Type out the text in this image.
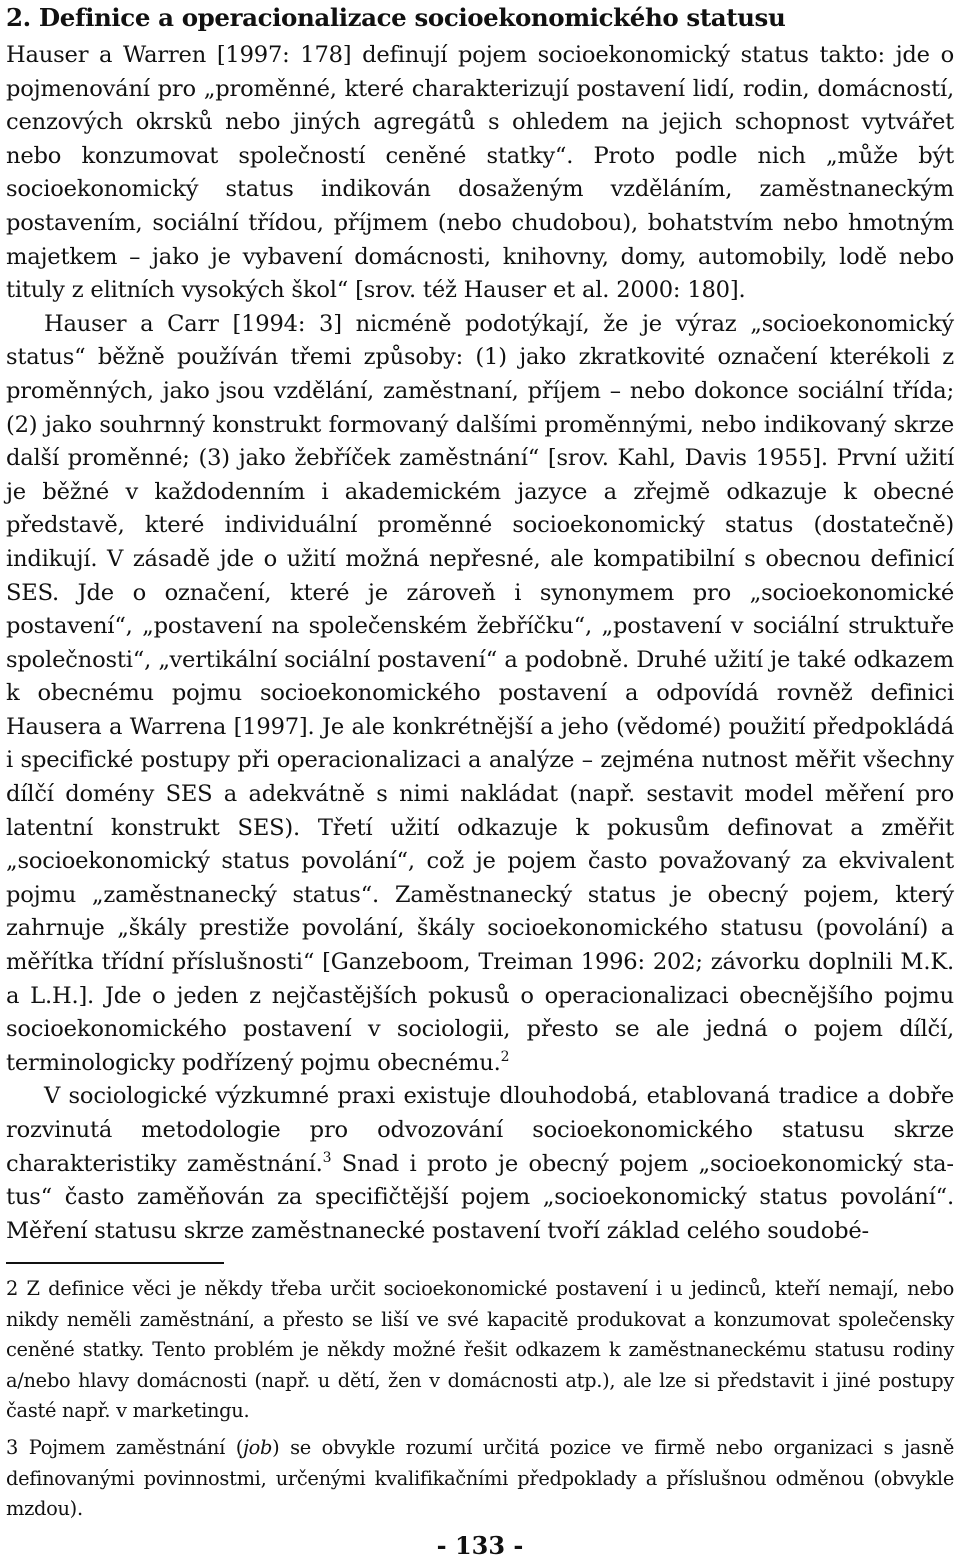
2. Definice a operacionalizace socioekonomického statusu

Hauser a Warren [1997: 178] definují pojem socioekonomický status takto: jde o pojmenování pro „proměnné, které charakterizují postavení lidí, rodin, domácností, cenzových okrsků nebo jiných agregátů s ohledem na jejich schopnost vytvářet nebo konzumovat společností ceněné statky“. Proto podle nich „může být socioekonomický status indikován dosaženým vzděláním, zaměstnaneckým postavením, sociální třídou, příjmem (nebo chudobou), bohatstvím nebo hmotným majetkem – jako je vybavení domácnosti, knihovny, domy, automobily, lodě nebo tituly z elitních vysokých škol“ [srov. též Hauser et al. 2000: 180].

Hauser a Carr [1994: 3] nicméně podotýkají, že je výraz „socioekonomický status“ běžně používán třemi způsoby: (1) jako zkratkovité označení kterékoli z proměnných, jako jsou vzdělání, zaměstnaní, příjem – nebo dokonce sociální třída; (2) jako souhrnný konstrukt formovaný dalšími proměnnými, nebo indikovaný skrze další proměnné; (3) jako žebříček zaměstnání“ [srov. Kahl, Davis 1955]. První užití je běžné v každodenním i akademickém jazyce a zřejmě odkazuje k obecné představě, které individuální proměnné socioekonomický status (dostatečně) indikují. V zásadě jde o užití možná nepřesné, ale kompatibilní s obecnou definicí SES. Jde o označení, které je zároveň i synonymem pro „socioekonomické postavení“, „postavení na společenském žebříčku“, „postavení v sociální struktuře společnosti“, „vertikální sociální postavení“ a podobně. Druhé užití je také odkazem k obecnému pojmu socioekonomického postavení a odpovídá rovněž definici Hausera a Warrena [1997]. Je ale konkrétnější a jeho (vědomé) použití předpokládá i specifické postupy při operacionalizaci a analýze – zejména nutnost měřit všechny dílčí domény SES a adekvátně s nimi nakládat (např. sestavit model měření pro latentní konstrukt SES). Třetí užití odkazuje k pokusům definovat a změřit „socioekonomický status povolání“, což je pojem často považovaný za ekvivalent pojmu „zaměstnanecký status“. Zaměstnanecký status je obecný pojem, který zahrnuje „škály prestiže povolání, škály socioekonomického statusu (povolání) a měřítka třídní příslušnosti“ [Ganzeboom, Treiman 1996: 202; závorku doplnili M.K. a L.H.]. Jde o jeden z nejčastějších pokusů o operacionalizaci obecnějšího pojmu socioekonomického postavení v sociologii, přesto se ale jedná o pojem dílčí, terminologicky podřízený pojmu obecnému.$^2$

V sociologické výzkumné praxi existuje dlouhodobá, etablovaná tradice a dobře rozvinutá metodologie pro odvozování socioekonomického statusu skrze charakteristiky zaměstnání.$^3$ Snad i proto je obecný pojem „socioekonomický status“ často zaměňován za specifičtější pojem „socioekonomický status povolání“. Měření statusu skrze zaměstnanecké postavení tvoří základ celého soudobé-

2 Z definice věci je někdy třeba určit socioekonomické postavení i u jedinců, kteří nemají, nebo nikdy neměli zaměstnání, a přesto se liší ve své kapacitě produkovat a konzumovat společensky ceněné statky. Tento problém je někdy možné řešit odkazem k zaměstnaneckému statusu rodiny a/nebo hlavy domácnosti (např. u dětí, žen v domácnosti atp.), ale lze si představit i jiné postupy časté např. v marketingu.

3 Pojmem zaměstnání (job) se obvykle rozumí určitá pozice ve firmě nebo organizaci s jasně definovanými povinnostmi, určenými kvalifikačními předpoklady a příslušnou odměnou (obvykle mzdou).

- 133 -
